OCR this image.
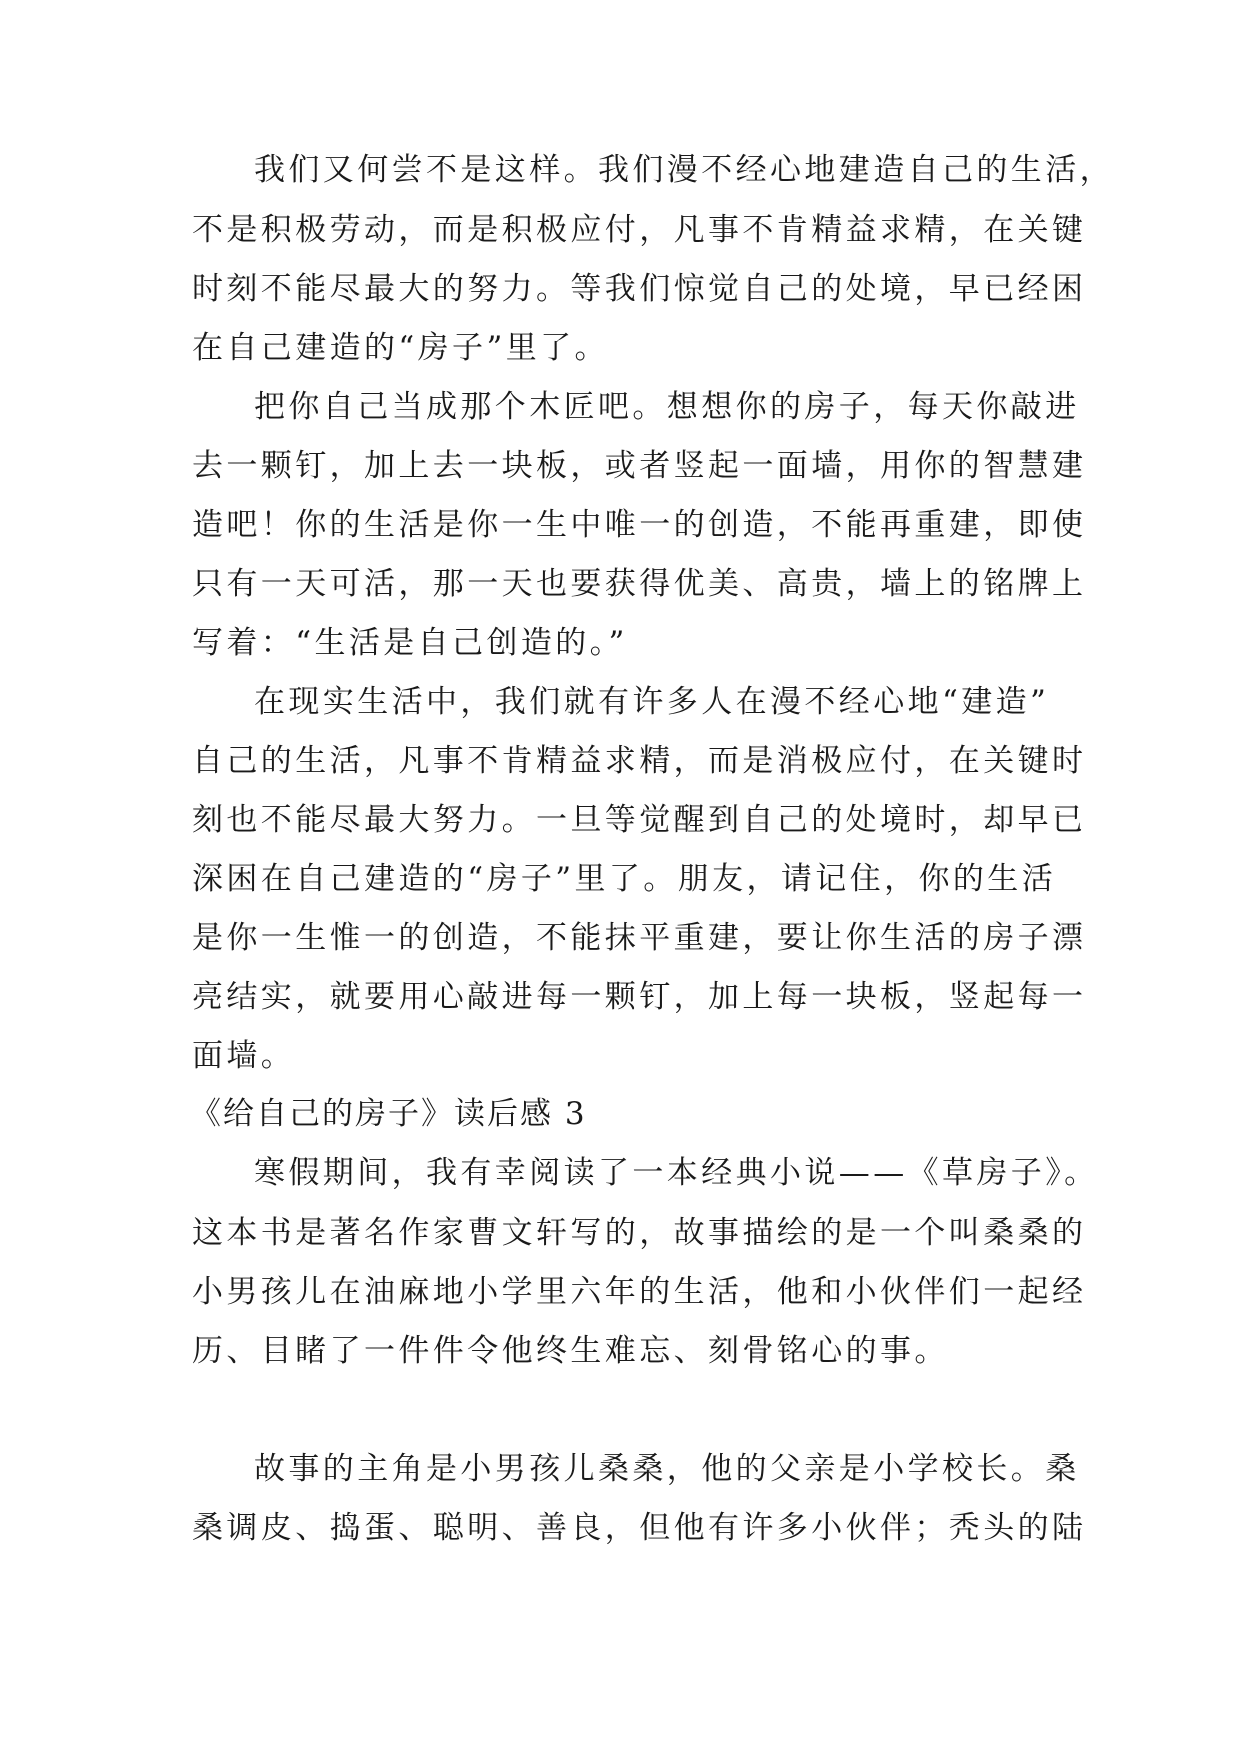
我们又何尝不是这样。我们漫不经心地建造自己的生活，
不是积极劳动，而是积极应付，凡事不肯精益求精，在关键
时刻不能尽最大的努力。等我们惊觉自己的处境，早已经困
在自己建造的“房子”里了。
把你自己当成那个木匠吧。想想你的房子，每天你敲进
去一颗钉，加上去一块板，或者竖起一面墙，用你的智慧建
造吧！你的生活是你一生中唯一的创造，不能再重建，即使
只有一天可活，那一天也要获得优美、高贵，墙上的铭牌上
写着：“生活是自己创造的。”
在现实生活中，我们就有许多人在漫不经心地“建造”
自己的生活，凡事不肯精益求精，而是消极应付，在关键时
刻也不能尽最大努力。一旦等觉醒到自己的处境时，却早已
深困在自己建造的“房子”里了。朋友，请记住，你的生活
是你一生惟一的创造，不能抹平重建，要让你生活的房子漂
亮结实，就要用心敲进每一颗钉，加上每一块板，竖起每一
面墙。
《给自己的房子》读后感 3
寒假期间，我有幸阅读了一本经典小说——《草房子》。
这本书是著名作家曹文轩写的，故事描绘的是一个叫桑桑的
小男孩儿在油麻地小学里六年的生活，他和小伙伴们一起经
历、目睹了一件件令他终生难忘、刻骨铭心的事。
故事的主角是小男孩儿桑桑，他的父亲是小学校长。桑
桑调皮、捣蛋、聪明、善良，但他有许多小伙伴；秃头的陆
